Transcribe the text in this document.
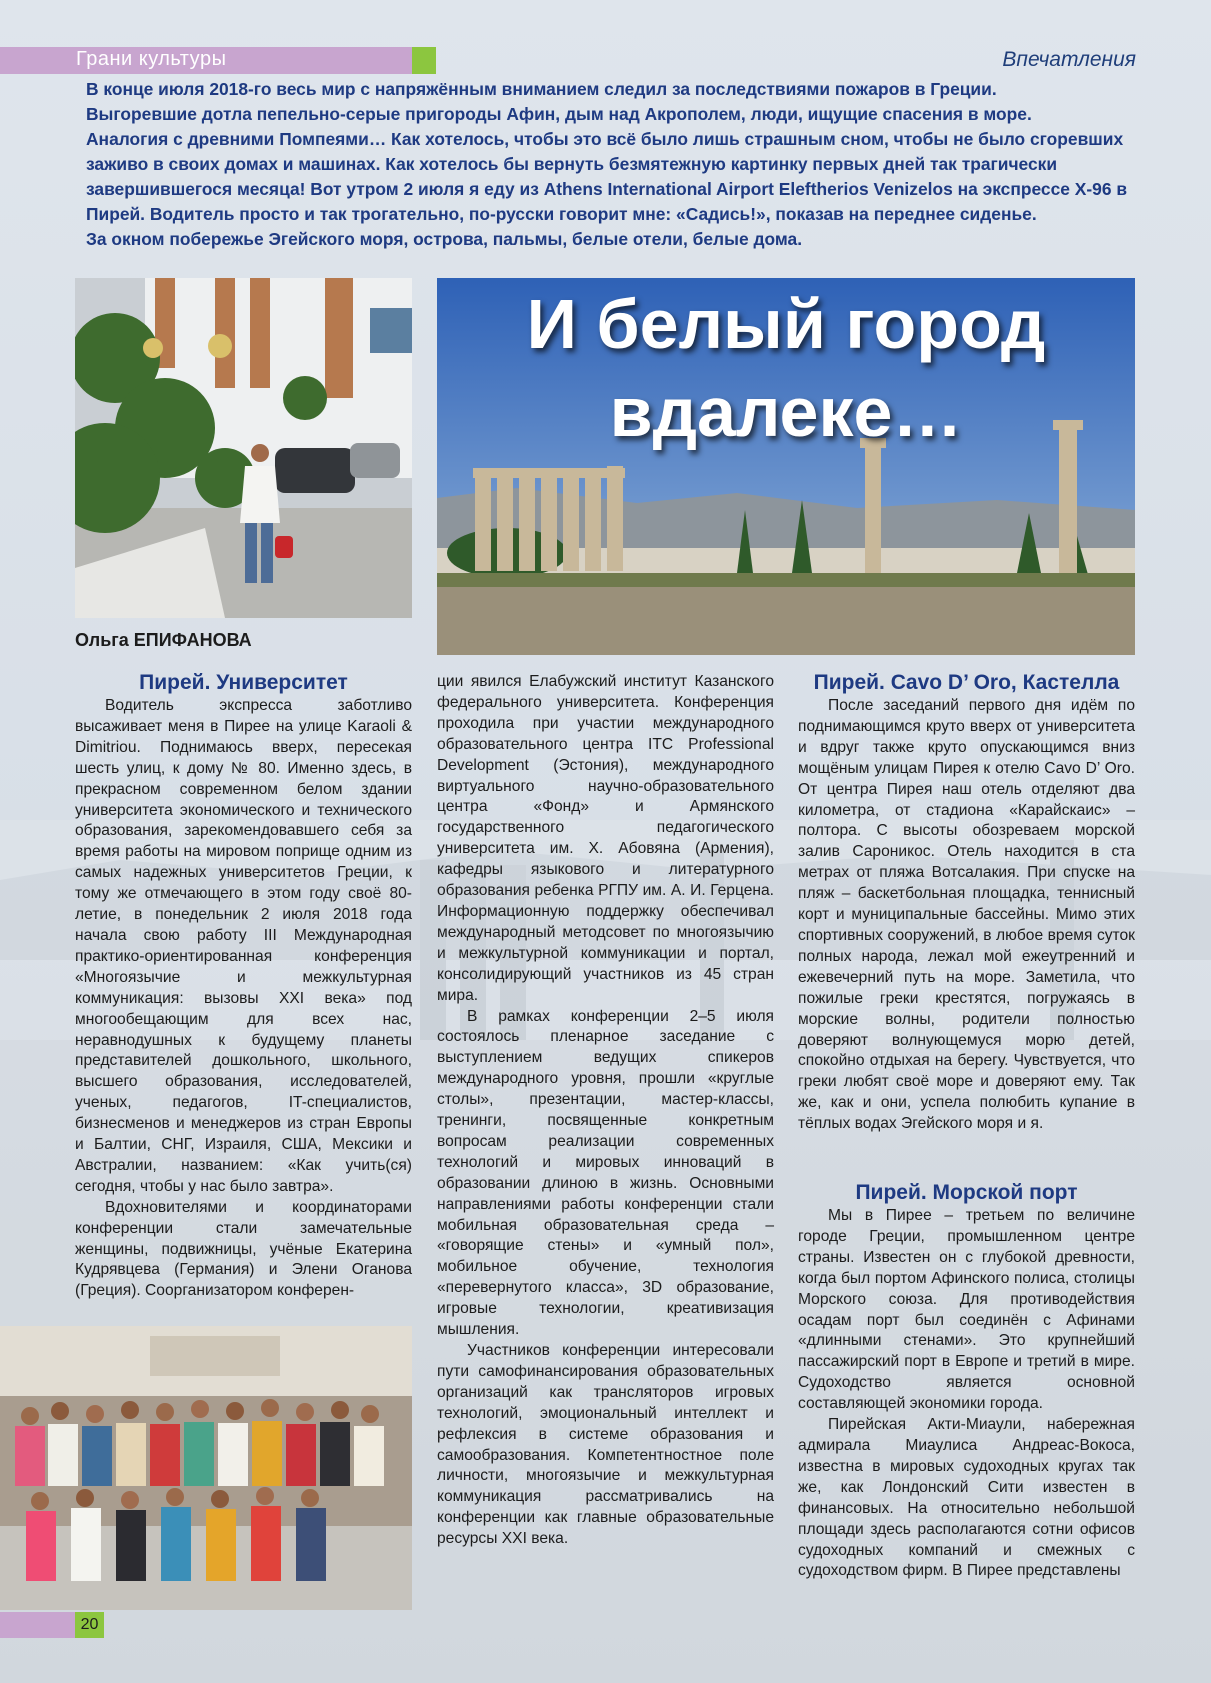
Грани культуры	Впечатления

В конце июля 2018-го весь мир с напряжённым вниманием следил за последствиями пожаров в Греции.

Выгоревшие дотла пепельно-серые пригороды Афин, дым над Акрополем, люди, ищущие спасения в море.

Аналогия с древними Помпеями… Как хотелось, чтобы это всё было лишь страшным сном, чтобы не было сгоревших

заживо в своих домах и машинах. Как хотелось бы вернуть безмятежную картинку первых дней так трагически

завершившегося месяца! Вот утром 2 июля я еду из Athens International Airport Eleftherios Venizelos на экспрессе Х-96 в

Пирей. Водитель просто и так трогательно, по-русски говорит мне: «Садись!», показав на переднее сиденье.

За окном побережье Эгейского моря, острова, пальмы, белые отели, белые дома.

И белый город
вдалеке…
Ольга ЕПИФАНОВА
Пирей. Университет

Водитель экспресса заботливо высаживает меня в Пирее на улице Karaoli & Dimitriou. Поднимаюсь вверх, пересекая шесть улиц, к дому № 80. Именно здесь, в прекрасном современном белом здании университета экономического и технического образования, зарекомендовавшего себя за время работы на мировом поприще одним из самых надежных университетов Греции, к тому же отмечающего в этом году своё 80-летие, в понедельник 2 июля 2018 года начала свою работу III Международная практико-ориентированная конференция «Многоязычие и межкультурная коммуникация: вызовы XXI века» под многообещающим для всех нас, неравнодушных к будущему планеты представителей дошкольного, школьного, высшего образования, исследователей, ученых, педагогов, IT-специалистов, бизнесменов и менеджеров из стран Европы и Балтии, СНГ, Израиля, США, Мексики и Австралии, названием: «Как учить(ся) сегодня, чтобы у нас было завтра».

Вдохновителями и координаторами конференции стали замечательные женщины, подвижницы, учёные Екатерина Кудрявцева (Германия) и Элени Оганова (Греция). Соорганизатором конферен-

ции явился Елабужский институт Казанского федерального университета. Конференция проходила при участии международного образовательного центра ITC Professional Development (Эстония), международного виртуального научно-образовательного центра «Фонд» и Армянского государственного педагогического университета им. Х. Абовяна (Армения), кафедры языкового и литературного образования ребенка РГПУ им. А. И. Герцена. Информационную поддержку обеспечивал международный методсовет по многоязычию и межкультурной коммуникации и портал, консолидирующий участников из 45 стран мира.

В рамках конференции 2–5 июля состоялось пленарное заседание с выступлением ведущих спикеров международного уровня, прошли «круглые столы», презентации, мастер-классы, тренинги, посвященные конкретным вопросам реализации современных технологий и мировых инноваций в образовании длиною в жизнь. Основными направлениями работы конференции стали мобильная образовательная среда – «говорящие стены» и «умный пол», мобильное обучение, технология «перевернутого класса», 3D образование, игровые технологии, креативизация мышления.

Участников конференции интересовали пути самофинансирования образовательных организаций как трансляторов игровых технологий, эмоциональный интеллект и рефлексия в системе образования и самообразования. Компетентностное поле личности, многоязычие и межкультурная коммуникация рассматривались на конференции как главные образовательные ресурсы XXI века.

Пирей. Cavo D’ Oro, Кастелла

После заседаний первого дня идём по поднимающимся круто вверх от университета и вдруг также круто опускающимся вниз мощёным улицам Пирея к отелю Cavo D’ Oro. От центра Пирея наш отель отделяют два километра, от стадиона «Карайскаис» – полтора. С высоты обозреваем морской залив Сароникос. Отель находится в ста метрах от пляжа Вотсалакия. При спуске на пляж – баскетбольная площадка, теннисный корт и муниципальные бассейны. Мимо этих спортивных сооружений, в любое время суток полных народа, лежал мой ежеутренний и ежевечерний путь на море. Заметила, что пожилые греки крестятся, погружаясь в морские волны, родители полностью доверяют волнующемуся морю детей, спокойно отдыхая на берегу. Чувствуется, что греки любят своё море и доверяют ему. Так же, как и они, успела полюбить купание в тёплых водах Эгейского моря и я.

Пирей. Морской порт

Мы в Пирее – третьем по величине городе Греции, промышленном центре страны. Известен он с глубокой древности, когда был портом Афинского полиса, столицы Морского союза. Для противодействия осадам порт был соединён с Афинами «длинными стенами». Это крупнейший пассажирский порт в Европе и третий в мире. Судоходство является основной составляющей экономики города.

Пирейская Акти-Миаули, набережная адмирала Миаулиса Андреас-Вокоса, известна в мировых судоходных кругах так же, как Лондонский Сити известен в финансовых. На относительно небольшой площади здесь располагаются сотни офисов судоходных компаний и смежных с судоходством фирм. В Пирее представлены

20
